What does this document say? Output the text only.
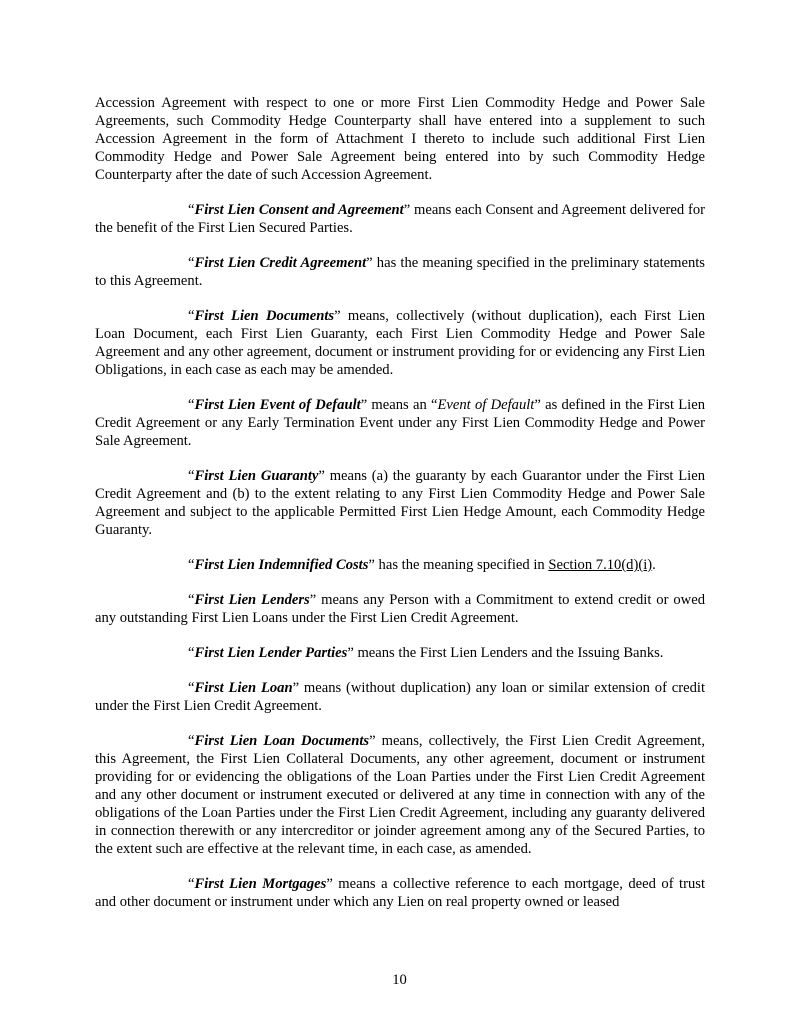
Accession Agreement with respect to one or more First Lien Commodity Hedge and Power Sale Agreements, such Commodity Hedge Counterparty shall have entered into a supplement to such Accession Agreement in the form of Attachment I thereto to include such additional First Lien Commodity Hedge and Power Sale Agreement being entered into by such Commodity Hedge Counterparty after the date of such Accession Agreement.

“First Lien Consent and Agreement” means each Consent and Agreement delivered for the benefit of the First Lien Secured Parties.

“First Lien Credit Agreement” has the meaning specified in the preliminary statements to this Agreement.

“First Lien Documents” means, collectively (without duplication), each First Lien Loan Document, each First Lien Guaranty, each First Lien Commodity Hedge and Power Sale Agreement and any other agreement, document or instrument providing for or evidencing any First Lien Obligations, in each case as each may be amended.

“First Lien Event of Default” means an “Event of Default” as defined in the First Lien Credit Agreement or any Early Termination Event under any First Lien Commodity Hedge and Power Sale Agreement.

“First Lien Guaranty” means (a) the guaranty by each Guarantor under the First Lien Credit Agreement and (b) to the extent relating to any First Lien Commodity Hedge and Power Sale Agreement and subject to the applicable Permitted First Lien Hedge Amount, each Commodity Hedge Guaranty.

“First Lien Indemnified Costs” has the meaning specified in Section 7.10(d)(i).

“First Lien Lenders” means any Person with a Commitment to extend credit or owed any outstanding First Lien Loans under the First Lien Credit Agreement.

“First Lien Lender Parties” means the First Lien Lenders and the Issuing Banks.

“First Lien Loan” means (without duplication) any loan or similar extension of credit under the First Lien Credit Agreement.

“First Lien Loan Documents” means, collectively, the First Lien Credit Agreement, this Agreement, the First Lien Collateral Documents, any other agreement, document or instrument providing for or evidencing the obligations of the Loan Parties under the First Lien Credit Agreement and any other document or instrument executed or delivered at any time in connection with any of the obligations of the Loan Parties under the First Lien Credit Agreement, including any guaranty delivered in connection therewith or any intercreditor or joinder agreement among any of the Secured Parties, to the extent such are effective at the relevant time, in each case, as amended.

“First Lien Mortgages” means a collective reference to each mortgage, deed of trust and other document or instrument under which any Lien on real property owned or leased

10
